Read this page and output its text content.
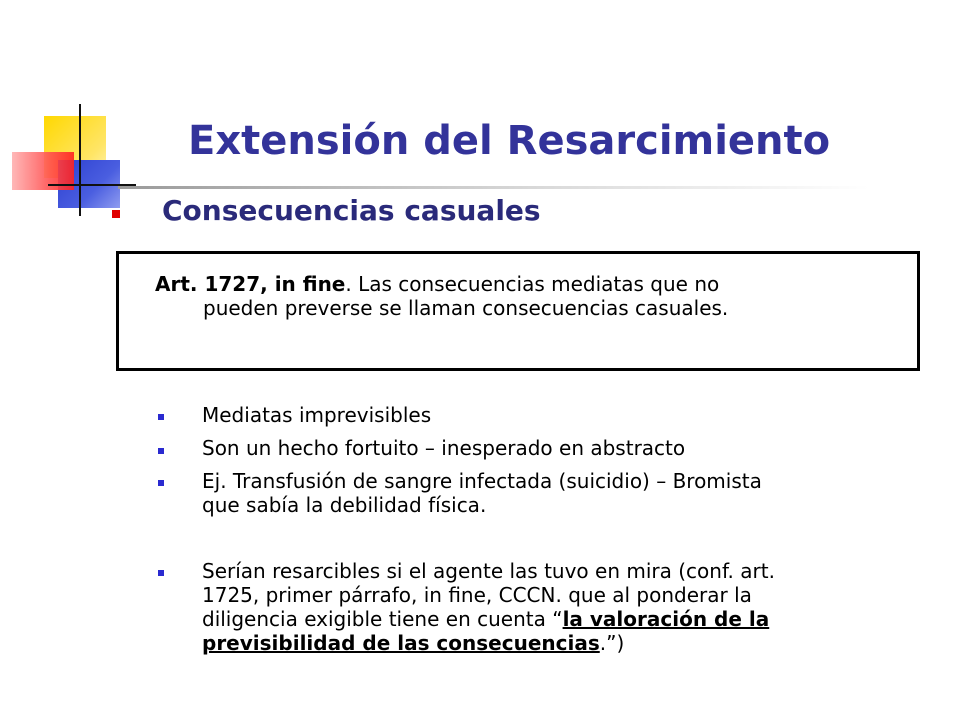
Extensión del Resarcimiento
Consecuencias casuales
Art. 1727, in fine. Las consecuencias mediatas que no
pueden preverse se llaman consecuencias casuales.
Mediatas imprevisibles
Son un hecho fortuito – inesperado en abstracto
Ej. Transfusión de sangre infectada (suicidio) – Bromista
que sabía la debilidad física.
Serían resarcibles si el agente las tuvo en mira (conf. art.
1725, primer párrafo, in fine, CCCN. que al ponderar la
diligencia exigible tiene en cuenta “la valoración de la
previsibilidad de las consecuencias.”)
